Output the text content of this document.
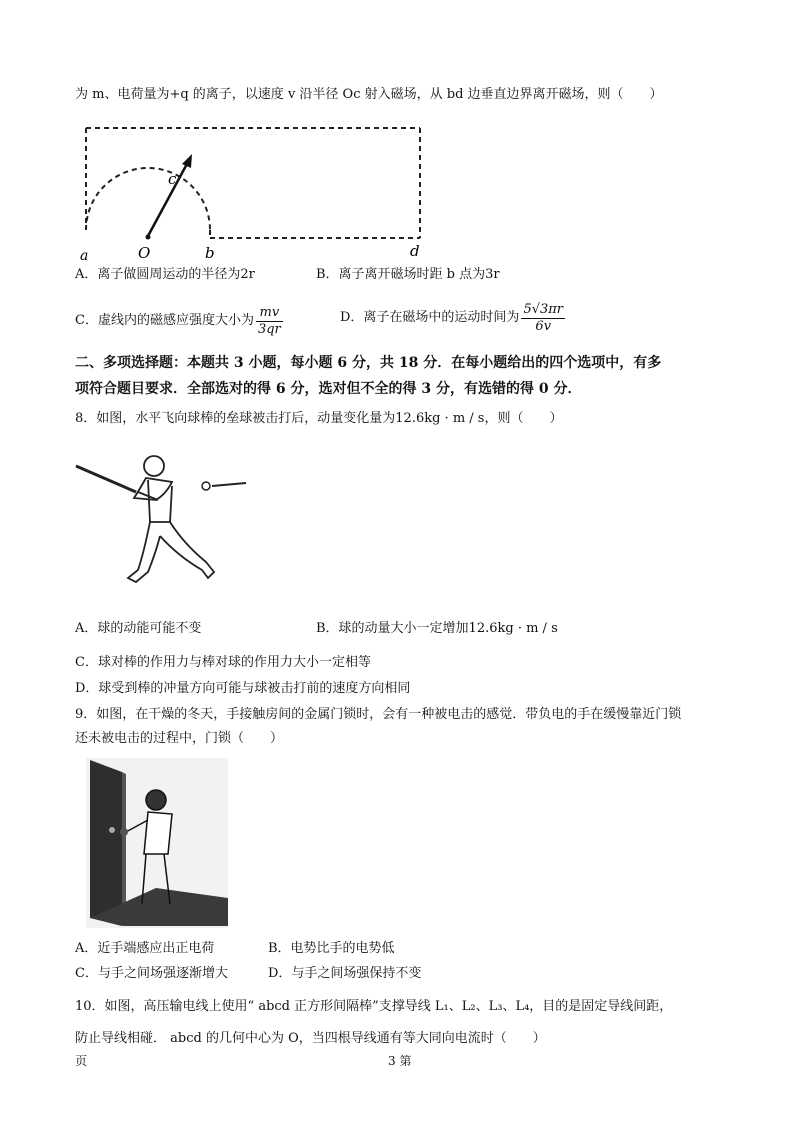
为 m、电荷量为+q 的离子，以速度 v 沿半径 Oc 射入磁场，从 bd 边垂直边界离开磁场，则（　　）
a	O	b
c
d
A．离子做圆周运动的半径为2r	B．离子离开磁场时距 b 点为3r
C．虚线内的磁感应强度大小为 $\frac{mv}{3qr}$	D．离子在磁场中的运动时间为 $\frac{5√3\pi r}{6v}$
二、多项选择题：本题共 3 小题，每小题 6 分，共 18 分．在每小题给出的四个选项中，有多
项符合题目要求．全部选对的得 6 分，选对但不全的得 3 分，有选错的得 0 分．
8．如图，水平飞向球棒的垒球被击打后，动量变化量为12.6kg · m / s，则（　　）
A．球的动能可能不变	B．球的动量大小一定增加12.6kg · m / s
C．球对棒的作用力与棒对球的作用力大小一定相等
D．球受到棒的冲量方向可能与球被击打前的速度方向相同
9．如图，在干燥的冬天，手接触房间的金属门锁时，会有一种被电击的感觉．带负电的手在缓慢靠近门锁
还未被电击的过程中，门锁（　　）
A．近手端感应出正电荷	B．电势比手的电势低
C．与手之间场强逐渐增大	D．与手之间场强保持不变
10．如图，高压输电线上使用“ abcd 正方形间隔棒”支撑导线 L₁、L₂、L₃、L₄，目的是固定导线间距，
防止导线相碰． abcd 的几何中心为 O，当四根导线通有等大同向电流时（　　）
页	3 第
